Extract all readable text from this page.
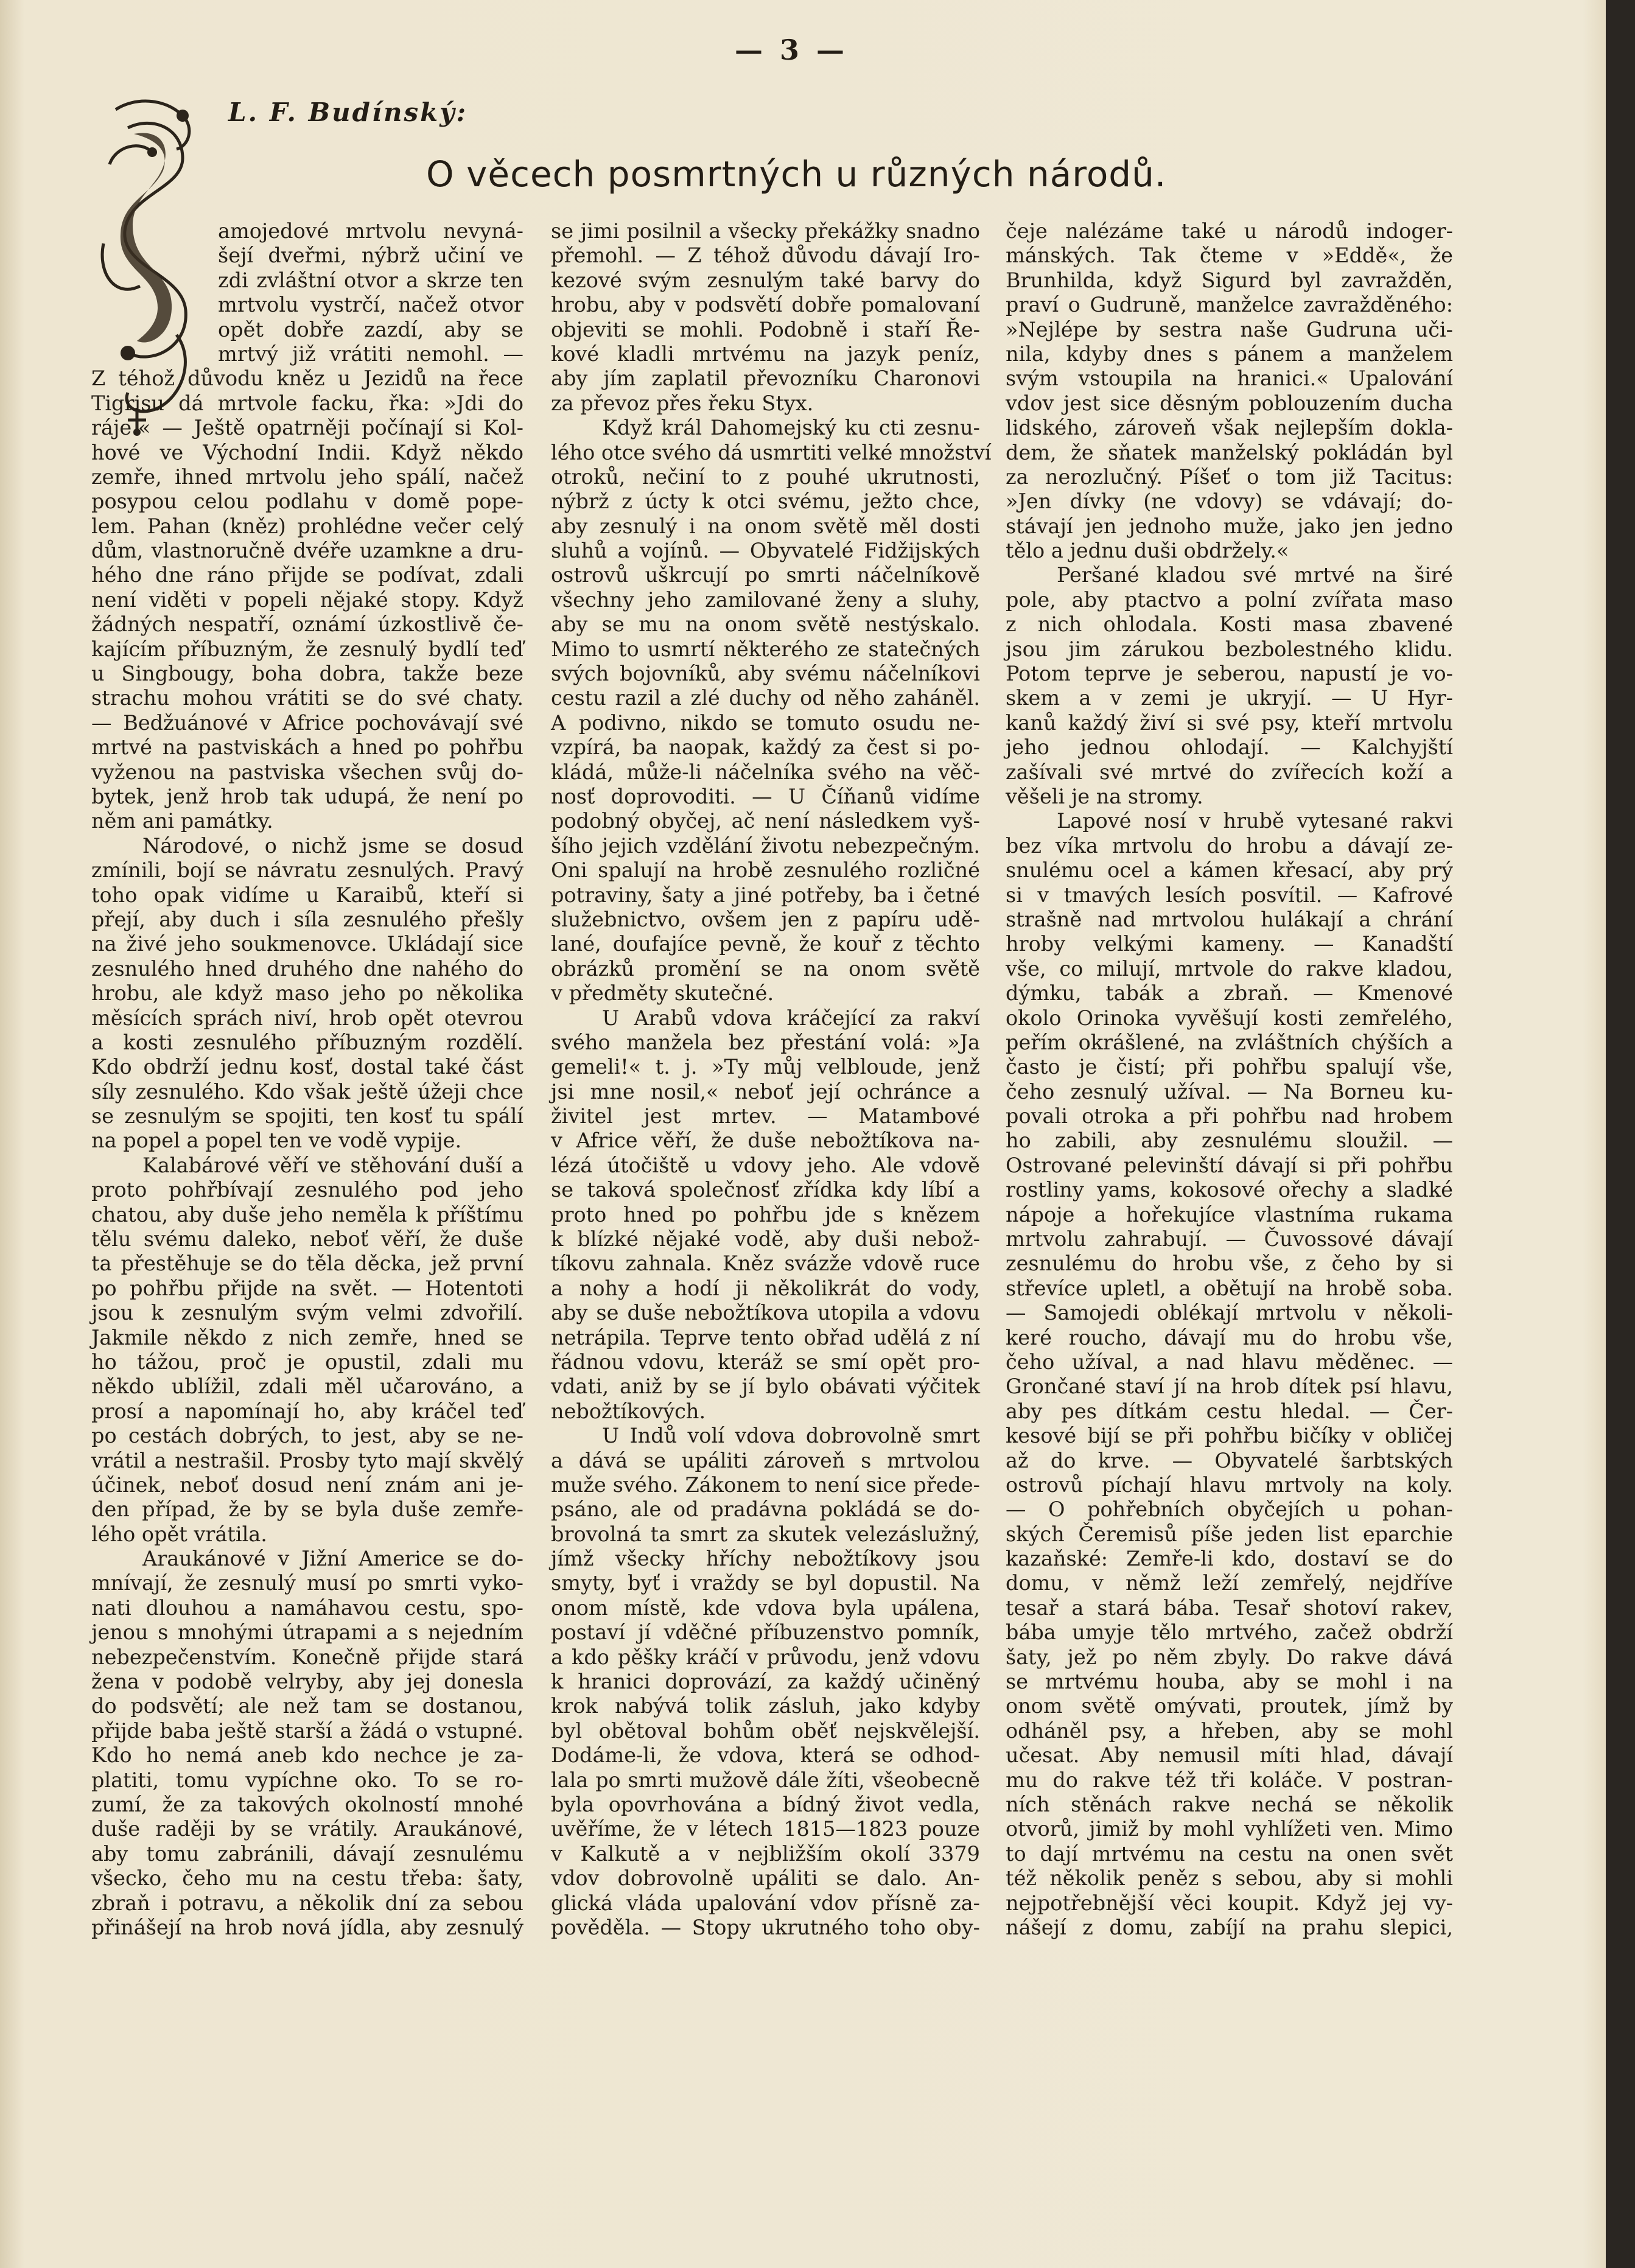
— 3 —
L. F. Budínský:
O věcech posmrtných u různých národů.
amojedové mrtvolu nevyná-
šejí dveřmi, nýbrž učiní ve
zdi zvláštní otvor a skrze ten
mrtvolu vystrčí, načež otvor
opět dobře zazdí, aby se
mrtvý již vrátiti nemohl. —
Z téhož důvodu kněz u Jezidů na řece
Tigrisu dá mrtvole facku, řka: »Jdi do
ráje.« — Ještě opatrněji počínají si Kol-
hové ve Východní Indii. Když někdo
zemře, ihned mrtvolu jeho spálí, načež
posypou celou podlahu v domě pope-
lem. Pahan (kněz) prohlédne večer celý
dům, vlastnoručně dvéře uzamkne a dru-
hého dne ráno přijde se podívat, zdali
není viděti v popeli nějaké stopy. Když
žádných nespatří, oznámí úzkostlivě če-
kajícím příbuzným, že zesnulý bydlí teď
u Singbougy, boha dobra, takže beze
strachu mohou vrátiti se do své chaty.
— Bedžuánové v Africe pochovávají své
mrtvé na pastviskách a hned po pohřbu
vyženou na pastviska všechen svůj do-
bytek, jenž hrob tak udupá, že není po
něm ani památky.
Národové, o nichž jsme se dosud
zmínili, bojí se návratu zesnulých. Pravý
toho opak vidíme u Karaibů, kteří si
přejí, aby duch i síla zesnulého přešly
na živé jeho soukmenovce. Ukládají sice
zesnulého hned druhého dne nahého do
hrobu, ale když maso jeho po několika
měsících sprách niví, hrob opět otevrou
a kosti zesnulého příbuzným rozdělí.
Kdo obdrží jednu kosť, dostal také část
síly zesnulého. Kdo však ještě úžeji chce
se zesnulým se spojiti, ten kosť tu spálí
na popel a popel ten ve vodě vypije.
Kalabárové věří ve stěhování duší a
proto pohřbívají zesnulého pod jeho
chatou, aby duše jeho neměla k příštímu
tělu svému daleko, neboť věří, že duše
ta přestěhuje se do těla děcka, jež první
po pohřbu přijde na svět. — Hotentoti
jsou k zesnulým svým velmi zdvořilí.
Jakmile někdo z nich zemře, hned se
ho tážou, proč je opustil, zdali mu
někdo ublížil, zdali měl učarováno, a
prosí a napomínají ho, aby kráčel teď
po cestách dobrých, to jest, aby se ne-
vrátil a nestrašil. Prosby tyto mají skvělý
účinek, neboť dosud není znám ani je-
den případ, že by se byla duše zemře-
lého opět vrátila.
Araukánové v Jižní Americe se do-
mnívají, že zesnulý musí po smrti vyko-
nati dlouhou a namáhavou cestu, spo-
jenou s mnohými útrapami a s nejedním
nebezpečenstvím. Konečně přijde stará
žena v podobě velryby, aby jej donesla
do podsvětí; ale než tam se dostanou,
přijde baba ještě starší a žádá o vstupné.
Kdo ho nemá aneb kdo nechce je za-
platiti, tomu vypíchne oko. To se ro-
zumí, že za takových okolností mnohé
duše raději by se vrátily. Araukánové,
aby tomu zabránili, dávají zesnulému
všecko, čeho mu na cestu třeba: šaty,
zbraň i potravu, a několik dní za sebou
přinášejí na hrob nová jídla, aby zesnulý
se jimi posilnil a všecky překážky snadno
přemohl. — Z téhož důvodu dávají Iro-
kezové svým zesnulým také barvy do
hrobu, aby v podsvětí dobře pomalovaní
objeviti se mohli. Podobně i staří Ře-
kové kladli mrtvému na jazyk peníz,
aby jím zaplatil převozníku Charonovi
za převoz přes řeku Styx.
Když král Dahomejský ku cti zesnu-
lého otce svého dá usmrtiti velké množství
otroků, nečiní to z pouhé ukrutnosti,
nýbrž z úcty k otci svému, ježto chce,
aby zesnulý i na onom světě měl dosti
sluhů a vojínů. — Obyvatelé Fidžijských
ostrovů uškrcují po smrti náčelníkově
všechny jeho zamilované ženy a sluhy,
aby se mu na onom světě nestýskalo.
Mimo to usmrtí některého ze statečných
svých bojovníků, aby svému náčelníkovi
cestu razil a zlé duchy od něho zaháněl.
A podivno, nikdo se tomuto osudu ne-
vzpírá, ba naopak, každý za čest si po-
kládá, může-li náčelníka svého na věč-
nosť doprovoditi. — U Číňanů vidíme
podobný obyčej, ač není následkem vyš-
šího jejich vzdělání životu nebezpečným.
Oni spalují na hrobě zesnulého rozličné
potraviny, šaty a jiné potřeby, ba i četné
služebnictvo, ovšem jen z papíru udě-
lané, doufajíce pevně, že kouř z těchto
obrázků promění se na onom světě
v předměty skutečné.
U Arabů vdova kráčející za rakví
svého manžela bez přestání volá: »Ja
gemeli!« t. j. »Ty můj velbloude, jenž
jsi mne nosil,« neboť její ochránce a
živitel jest mrtev. — Matambové
v Africe věří, že duše nebožtíkova na-
lézá útočiště u vdovy jeho. Ale vdově
se taková společnosť zřídka kdy líbí a
proto hned po pohřbu jde s knězem
k blízké nějaké vodě, aby duši nebož-
tíkovu zahnala. Kněz svázže vdově ruce
a nohy a hodí ji několikrát do vody,
aby se duše nebožtíkova utopila a vdovu
netrápila. Teprve tento obřad udělá z ní
řádnou vdovu, kteráž se smí opět pro-
vdati, aniž by se jí bylo obávati výčitek
nebožtíkových.
U Indů volí vdova dobrovolně smrt
a dává se upáliti zároveň s mrtvolou
muže svého. Zákonem to není sice přede-
psáno, ale od pradávna pokládá se do-
brovolná ta smrt za skutek velezáslužný,
jímž všecky hříchy nebožtíkovy jsou
smyty, byť i vraždy se byl dopustil. Na
onom místě, kde vdova byla upálena,
postaví jí vděčné příbuzenstvo pomník,
a kdo pěšky kráčí v průvodu, jenž vdovu
k hranici doprovází, za každý učiněný
krok nabývá tolik zásluh, jako kdyby
byl obětoval bohům oběť nejskvělejší.
Dodáme-li, že vdova, která se odhod-
lala po smrti mužově dále žíti, všeobecně
byla opovrhována a bídný život vedla,
uvěříme, že v létech 1815—1823 pouze
v Kalkutě a v nejbližším okolí 3379
vdov dobrovolně upáliti se dalo. An-
glická vláda upalování vdov přísně za-
pověděla. — Stopy ukrutného toho oby-
čeje nalézáme také u národů indoger-
mánských. Tak čteme v »Eddě«, že
Brunhilda, když Sigurd byl zavražděn,
praví o Gudruně, manželce zavražděného:
»Nejlépe by sestra naše Gudruna uči-
nila, kdyby dnes s pánem a manželem
svým vstoupila na hranici.« Upalování
vdov jest sice děsným poblouzením ducha
lidského, zároveň však nejlepším dokla-
dem, že sňatek manželský pokládán byl
za nerozlučný. Píšeť o tom již Tacitus:
»Jen dívky (ne vdovy) se vdávají; do-
stávají jen jednoho muže, jako jen jedno
tělo a jednu duši obdržely.«
Peršané kladou své mrtvé na širé
pole, aby ptactvo a polní zvířata maso
z nich ohlodala. Kosti masa zbavené
jsou jim zárukou bezbolestného klidu.
Potom teprve je seberou, napustí je vo-
skem a v zemi je ukryjí. — U Hyr-
kanů každý živí si své psy, kteří mrtvolu
jeho jednou ohlodají. — Kalchyjští
zašívali své mrtvé do zvířecích koží a
věšeli je na stromy.
Lapové nosí v hrubě vytesané rakvi
bez víka mrtvolu do hrobu a dávají ze-
snulému ocel a kámen křesací, aby prý
si v tmavých lesích posvítil. — Kafrové
strašně nad mrtvolou hulákají a chrání
hroby velkými kameny. — Kanadští
vše, co milují, mrtvole do rakve kladou,
dýmku, tabák a zbraň. — Kmenové
okolo Orinoka vyvěšují kosti zemřelého,
peřím okrášlené, na zvláštních chýších a
často je čistí; při pohřbu spalují vše,
čeho zesnulý užíval. — Na Borneu ku-
povali otroka a při pohřbu nad hrobem
ho zabili, aby zesnulému sloužil. —
Ostrované pelevinští dávají si při pohřbu
rostliny yams, kokosové ořechy a sladké
nápoje a hořekujíce vlastníma rukama
mrtvolu zahrabují. — Čuvossové dávají
zesnulému do hrobu vše, z čeho by si
střevíce upletl, a obětují na hrobě soba.
— Samojedi oblékají mrtvolu v několi-
keré roucho, dávají mu do hrobu vše,
čeho užíval, a nad hlavu měděnec. —
Grončané staví jí na hrob dítek psí hlavu,
aby pes dítkám cestu hledal. — Čer-
kesové bijí se při pohřbu bičíky v obličej
až do krve. — Obyvatelé šarbtských
ostrovů píchají hlavu mrtvoly na koly.
— O pohřebních obyčejích u pohan-
ských Čeremisů píše jeden list eparchie
kazaňské: Zemře-li kdo, dostaví se do
domu, v němž leží zemřelý, nejdříve
tesař a stará bába. Tesař shotoví rakev,
bába umyje tělo mrtvého, začež obdrží
šaty, jež po něm zbyly. Do rakve dává
se mrtvému houba, aby se mohl i na
onom světě omývati, proutek, jímž by
odháněl psy, a hřeben, aby se mohl
učesat. Aby nemusil míti hlad, dávají
mu do rakve též tři koláče. V postran-
ních stěnách rakve nechá se několik
otvorů, jimiž by mohl vyhlížeti ven. Mimo
to dají mrtvému na cestu na onen svět
též několik peněz s sebou, aby si mohli
nejpotřebnější věci koupit. Když jej vy-
nášejí z domu, zabíjí na prahu slepici,
